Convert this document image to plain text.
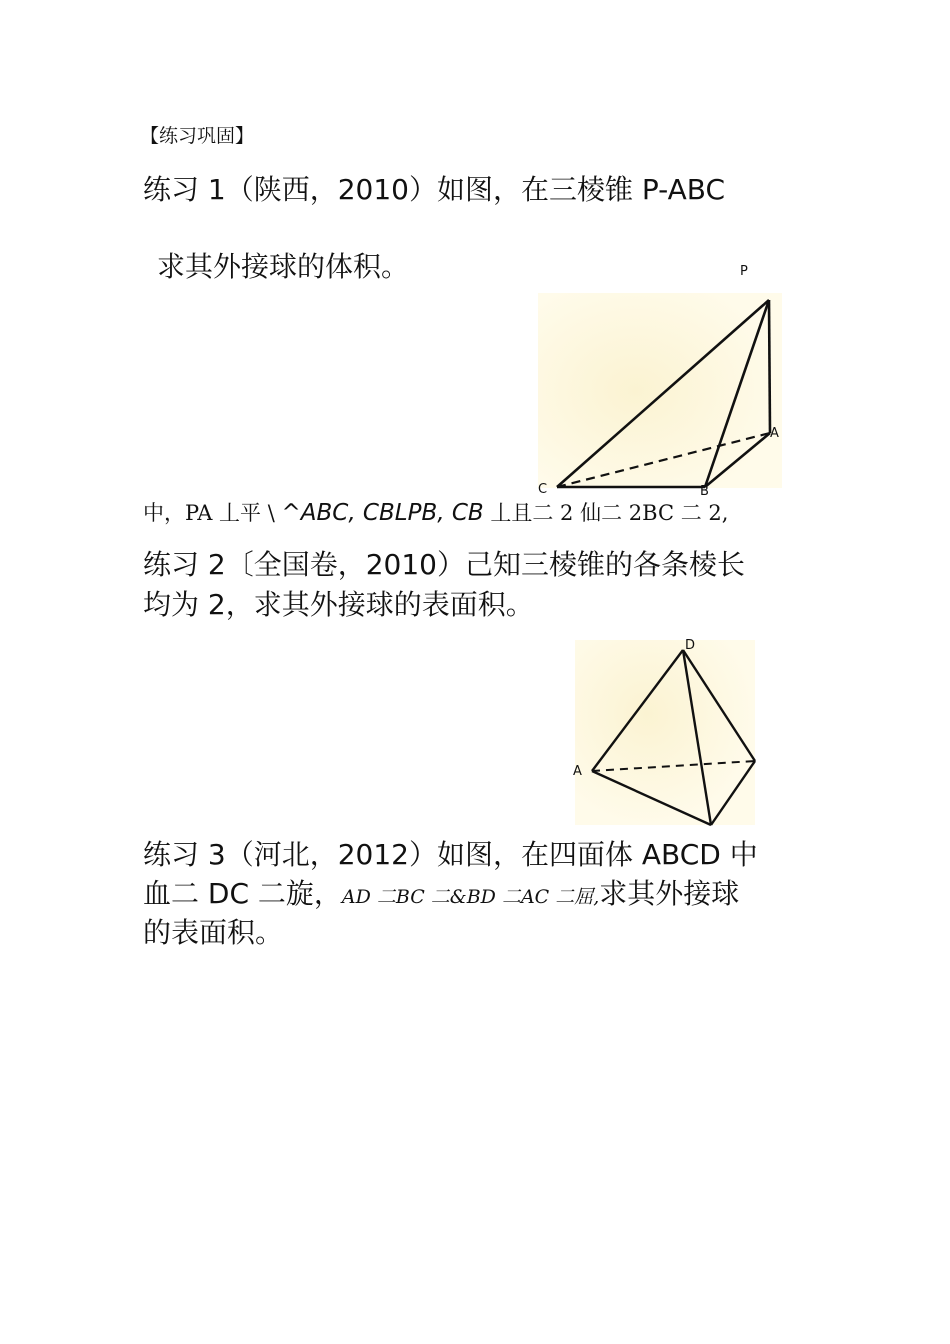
【练习巩固】
练习 1（陕西，2010）如图，在三棱锥 P-ABC
求其外接球的体积。	P
A
B
C
中，PA 丄平 \ ^ABC, CBLPB, CB 丄且二 2 仙二 2BC 二 2,
练习 2〔全国卷，2010）己知三棱锥的各条棱长
均为 2，求其外接球的表面积。
D
A
练习 3（河北，2012）如图，在四面体 ABCD 中
血二 DC 二旋，AD 二BC 二&BD 二AC 二屈,求其外接球
的表面积。
